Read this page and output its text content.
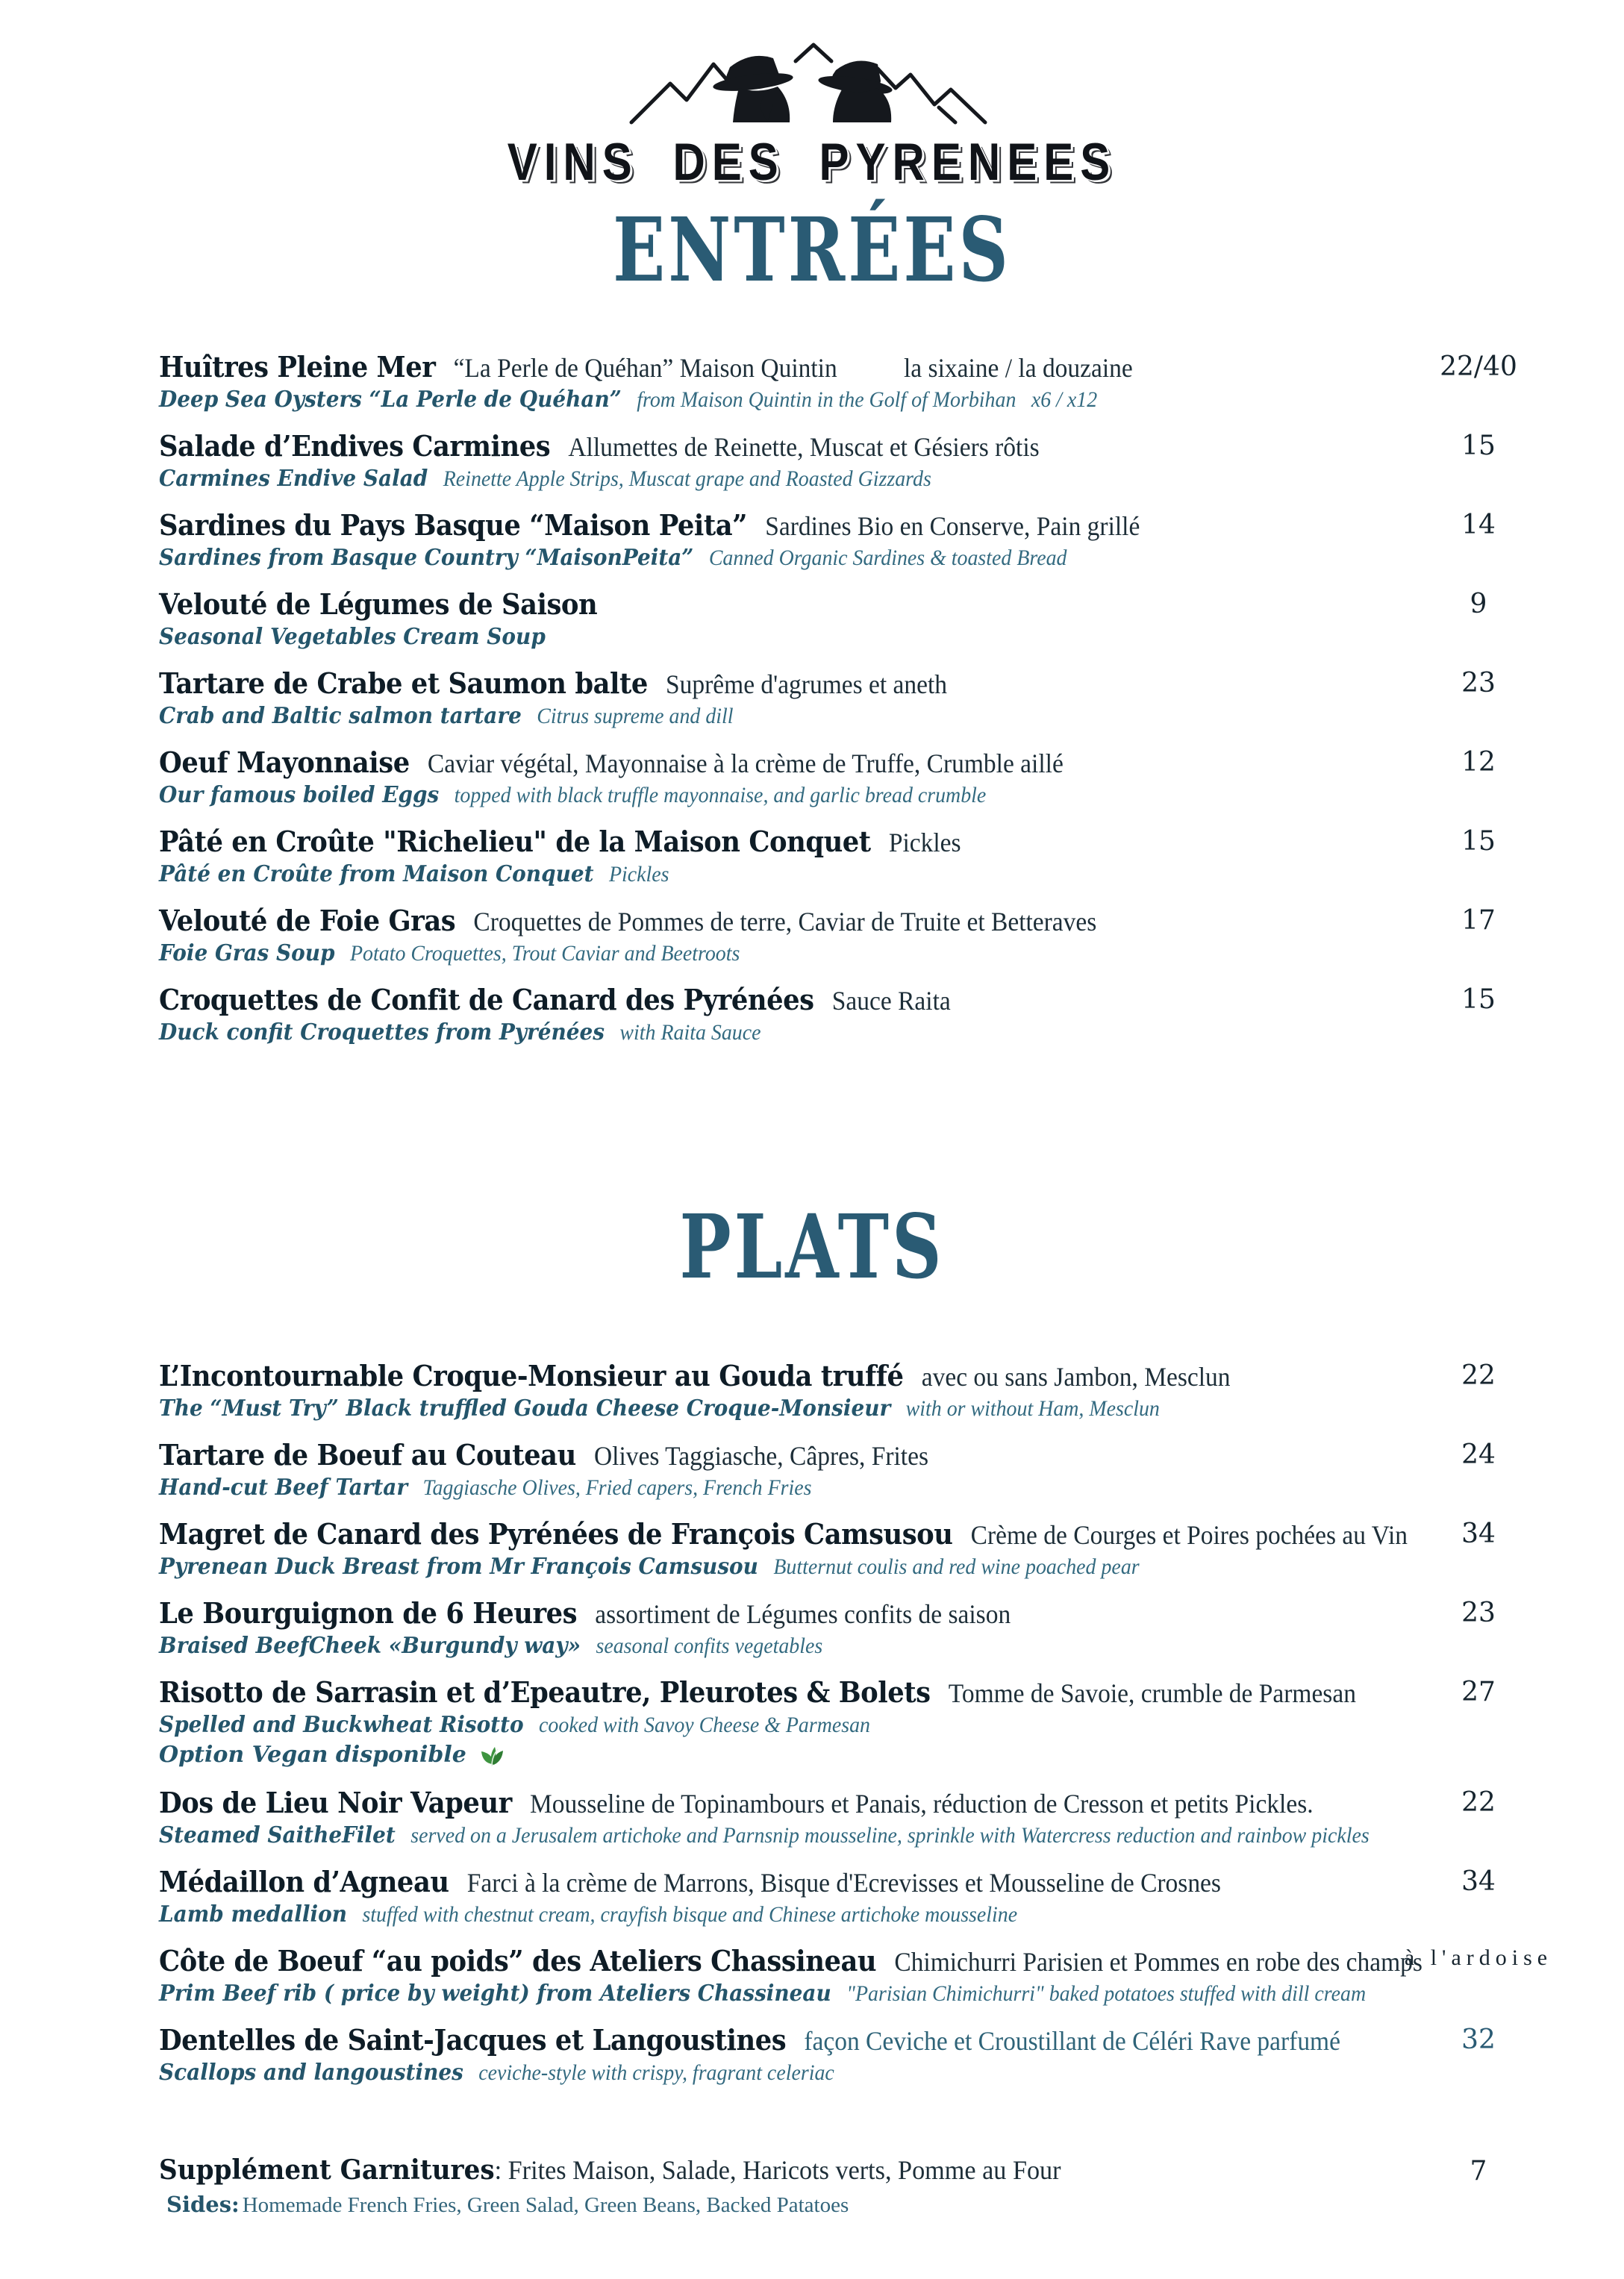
VINS DES PYRENEES
ENTRÉES
Huîtres Pleine Mer “La Perle de Quéhan” Maison Quintin la sixaine / la douzaine
Deep Sea Oysters “La Perle de Quéhan” from Maison Quintin in the Golf of Morbihan x6 / x12
22/40
Salade d’Endives Carmines Allumettes de Reinette, Muscat et Gésiers rôtis
Carmines Endive Salad Reinette Apple Strips, Muscat grape and Roasted Gizzards
15
Sardines du Pays Basque “Maison Peita” Sardines Bio en Conserve, Pain grillé
Sardines from Basque Country “MaisonPeita” Canned Organic Sardines & toasted Bread
14
Velouté de Légumes de Saison
Seasonal Vegetables Cream Soup
9
Tartare de Crabe et Saumon balte Suprême d'agrumes et aneth
Crab and Baltic salmon tartare Citrus supreme and dill
23
Oeuf Mayonnaise Caviar végétal, Mayonnaise à la crème de Truffe, Crumble aillé
Our famous boiled Eggs topped with black truffle mayonnaise, and garlic bread crumble
12
Pâté en Croûte "Richelieu" de la Maison Conquet Pickles
Pâté en Croûte from Maison Conquet Pickles
15
Velouté de Foie Gras Croquettes de Pommes de terre, Caviar de Truite et Betteraves
Foie Gras Soup Potato Croquettes, Trout Caviar and Beetroots
17
Croquettes de Confit de Canard des Pyrénées Sauce Raita
Duck confit Croquettes from Pyrénées with Raita Sauce
15
PLATS
L’Incontournable Croque-Monsieur au Gouda truffé avec ou sans Jambon, Mesclun
The “Must Try” Black truffled Gouda Cheese Croque-Monsieur with or without Ham, Mesclun
22
Tartare de Boeuf au Couteau Olives Taggiasche, Câpres, Frites
Hand-cut Beef Tartar Taggiasche Olives, Fried capers, French Fries
24
Magret de Canard des Pyrénées de François Camsusou Crème de Courges et Poires pochées au Vin
Pyrenean Duck Breast from Mr François Camsusou Butternut coulis and red wine poached pear
34
Le Bourguignon de 6 Heures assortiment de Légumes confits de saison
Braised BeefCheek «Burgundy way» seasonal confits vegetables
23
Risotto de Sarrasin et d’Epeautre, Pleurotes & Bolets Tomme de Savoie, crumble de Parmesan
Spelled and Buckwheat Risotto cooked with Savoy Cheese & Parmesan
Option Vegan disponible
27
Dos de Lieu Noir Vapeur Mousseline de Topinambours et Panais, réduction de Cresson et petits Pickles.
Steamed SaitheFilet served on a Jerusalem artichoke and Parnsnip mousseline, sprinkle with Watercress reduction and rainbow pickles
22
Médaillon d’Agneau Farci à la crème de Marrons, Bisque d'Ecrevisses et Mousseline de Crosnes
Lamb medallion stuffed with chestnut cream, crayfish bisque and Chinese artichoke mousseline
34
Côte de Boeuf “au poids” des Ateliers Chassineau Chimichurri Parisien et Pommes en robe des champs
Prim Beef rib ( price by weight) from Ateliers Chassineau "Parisian Chimichurri" baked potatoes stuffed with dill cream
à l'ardoise
Dentelles de Saint-Jacques et Langoustines façon Ceviche et Croustillant de Céléri Rave parfumé
Scallops and langoustines ceviche-style with crispy, fragrant celeriac
32
Supplément Garnitures: Frites Maison, Salade, Haricots verts, Pomme au Four
Sides: Homemade French Fries, Green Salad, Green Beans, Backed Patatoes
7
